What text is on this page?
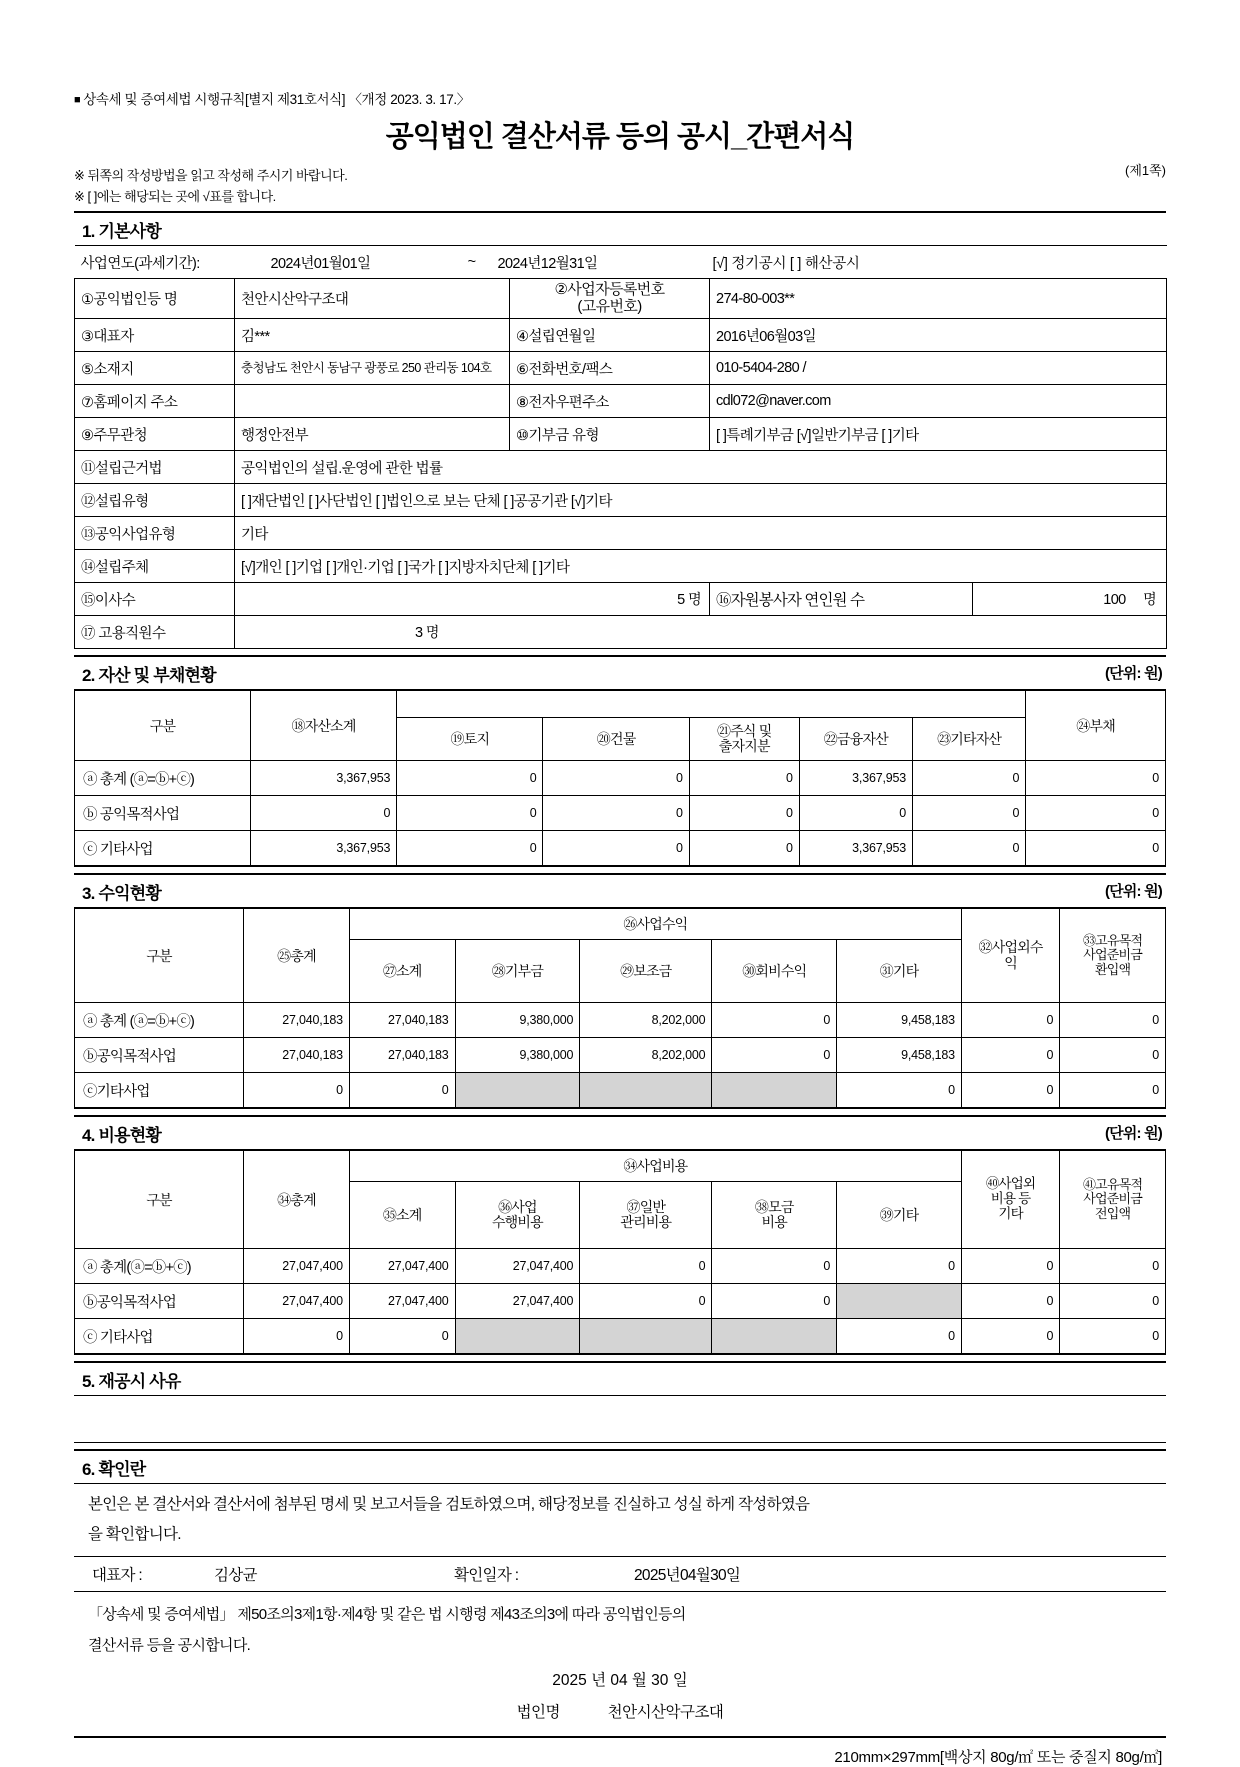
■ 상속세 및 증여세법 시행규칙[별지 제31호서식] 〈개정 2023. 3. 17.〉
공익법인 결산서류 등의 공시_간편서식
※ 뒤쪽의 작성방법을 읽고 작성해 주시기 바랍니다.
※ [ ]에는 해당되는 곳에 √표를 합니다.
(제1쪽)
1. 기본사항
사업연도(과세기간):	2024년01월01일	~	2024년12월31일	[√] 정기공시 [ ] 해산공시

①공익법인등 명	천안시산악구조대	②사업자등록번호
(고유번호)	274-80-003**
③대표자	김***	④설립연월일	2016년06월03일
⑤소재지	충청남도 천안시 동남구 광풍로 250 관리동 104호	⑥전화번호/팩스	010-5404-280 /
⑦홈페이지 주소		⑧전자우편주소	cdl072@naver.com
⑨주무관청	행정안전부	⑩기부금 유형	[ ]특례기부금 [√]일반기부금 [ ]기타
⑪설립근거법	공익법인의 설립.운영에 관한 법률
⑫설립유형	[ ]재단법인 [ ]사단법인 [ ]법인으로 보는 단체 [ ]공공기관 [√]기타
⑬공익사업유형	기타
⑭설립주체	[√]개인 [ ]기업 [ ]개인·기업 [ ]국가 [ ]지방자치단체 [ ]기타
⑮이사수	5 명	⑯자원봉사자 연인원 수	100 명

⑰ 고용직원수	3 명
2. 자산 및 부채현황	(단위: 원)
구분	⑱자산소계						㉔부채
		⑲토지	⑳건물	㉑주식 및
출자지분	㉒금융자산	㉓기타자산	
ⓐ 총계 (ⓐ=ⓑ+ⓒ)	3,367,953	0	0	0	3,367,953	0	0
ⓑ 공익목적사업	0	0	0	0	0	0	0
ⓒ 기타사업	3,367,953	0	0	0	3,367,953	0	0
3. 수익현황	(단위: 원)
구분	㉕총계	㉖사업수익					㉜사업외수
익	㉝고유목적
사업준비금
환입액
		㉗소계	㉘기부금	㉙보조금	㉚회비수익	㉛기타		

ⓐ 총계 (ⓐ=ⓑ+ⓒ)	27,040,183	27,040,183	9,380,000	8,202,000	0	9,458,183	0	0
ⓑ공익목적사업	27,040,183	27,040,183	9,380,000	8,202,000	0	9,458,183	0	0
ⓒ기타사업	0	0				0	0	0
4. 비용현황	(단위: 원)
구분	㉞총계	㉞사업비용					㊵사업외
비용 등
기타	㊶고유목적
사업준비금
전입액
		㉟소계	㊱사업
수행비용	㊲일반
관리비용	㊳모금
비용	㊴기타		

ⓐ 총계(ⓐ=ⓑ+ⓒ)	27,047,400	27,047,400	27,047,400	0	0	0	0	0
ⓑ공익목적사업	27,047,400	27,047,400	27,047,400	0	0		0	0
ⓒ 기타사업	0	0				0	0	0
5. 재공시 사유
6. 확인란
본인은 본 결산서와 결산서에 첨부된 명세 및 보고서들을 검토하였으며, 해당정보를 진실하고 성실 하게 작성하였음
을 확인합니다.
대표자 :	김상균	확인일자 :	2025년04월30일
「상속세 및 증여세법」 제50조의3제1항·제4항 및 같은 법 시행령 제43조의3에 따라 공익법인등의
결산서류 등을 공시합니다.
2025 년 04 월 30 일
법인명	천안시산악구조대
210mm×297mm[백상지 80g/㎡ 또는 중질지 80g/㎡]
